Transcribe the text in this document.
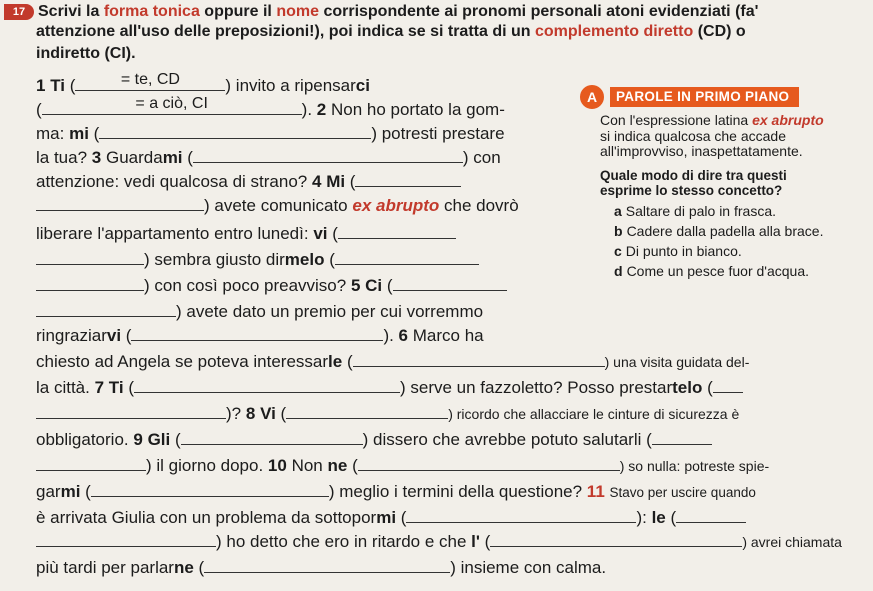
17 Scrivi la forma tonica oppure il nome corrispondente ai pronomi personali atoni evidenziati (fa'
attenzione all'uso delle preposizioni!), poi indica se si tratta di un complemento diretto (CD) o
indiretto (CI).
A	PAROLE IN PRIMO PIANO
Con l'espressione latina ex abrupto
si indica qualcosa che accade
all'improvviso, inaspettatamente.
Quale modo di dire tra questi
esprime lo stesso concetto?
a Saltare di palo in frasca.
b Cadere dalla padella alla brace.
c Di punto in bianco.
d Come un pesce fuor d'acqua.
1 Ti (	= te, CD	) invito a ripensarci
(	= a ciò, CI	). 2 Non ho portato la gom-
ma: mi (	) potresti prestare
la tua? 3 Guardami (	) con
attenzione: vedi qualcosa di strano? 4 Mi (
) avete comunicato ex abrupto che dovrò
liberare l'appartamento entro lunedì: vi (
) sembra giusto dirmelo (
) con così poco preavviso? 5 Ci (
) avete dato un premio per cui vorremmo
ringraziarvi (	). 6 Marco ha
chiesto ad Angela se poteva interessarle (	) una visita guidata del-
la città. 7 Ti (	) serve un fazzoletto? Posso prestartelo (
)? 8 Vi (	) ricordo che allacciare le cinture di sicurezza è
obbligatorio. 9 Gli (	) dissero che avrebbe potuto salutarli (
) il giorno dopo. 10 Non ne (	) so nulla: potreste spie-
garmi (	) meglio i termini della questione? 11 Stavo per uscire quando
è arrivata Giulia con un problema da sottopormi (	): le (
) ho detto che ero in ritardo e che l' (	) avrei chiamata
più tardi per parlarne (	) insieme con calma.
